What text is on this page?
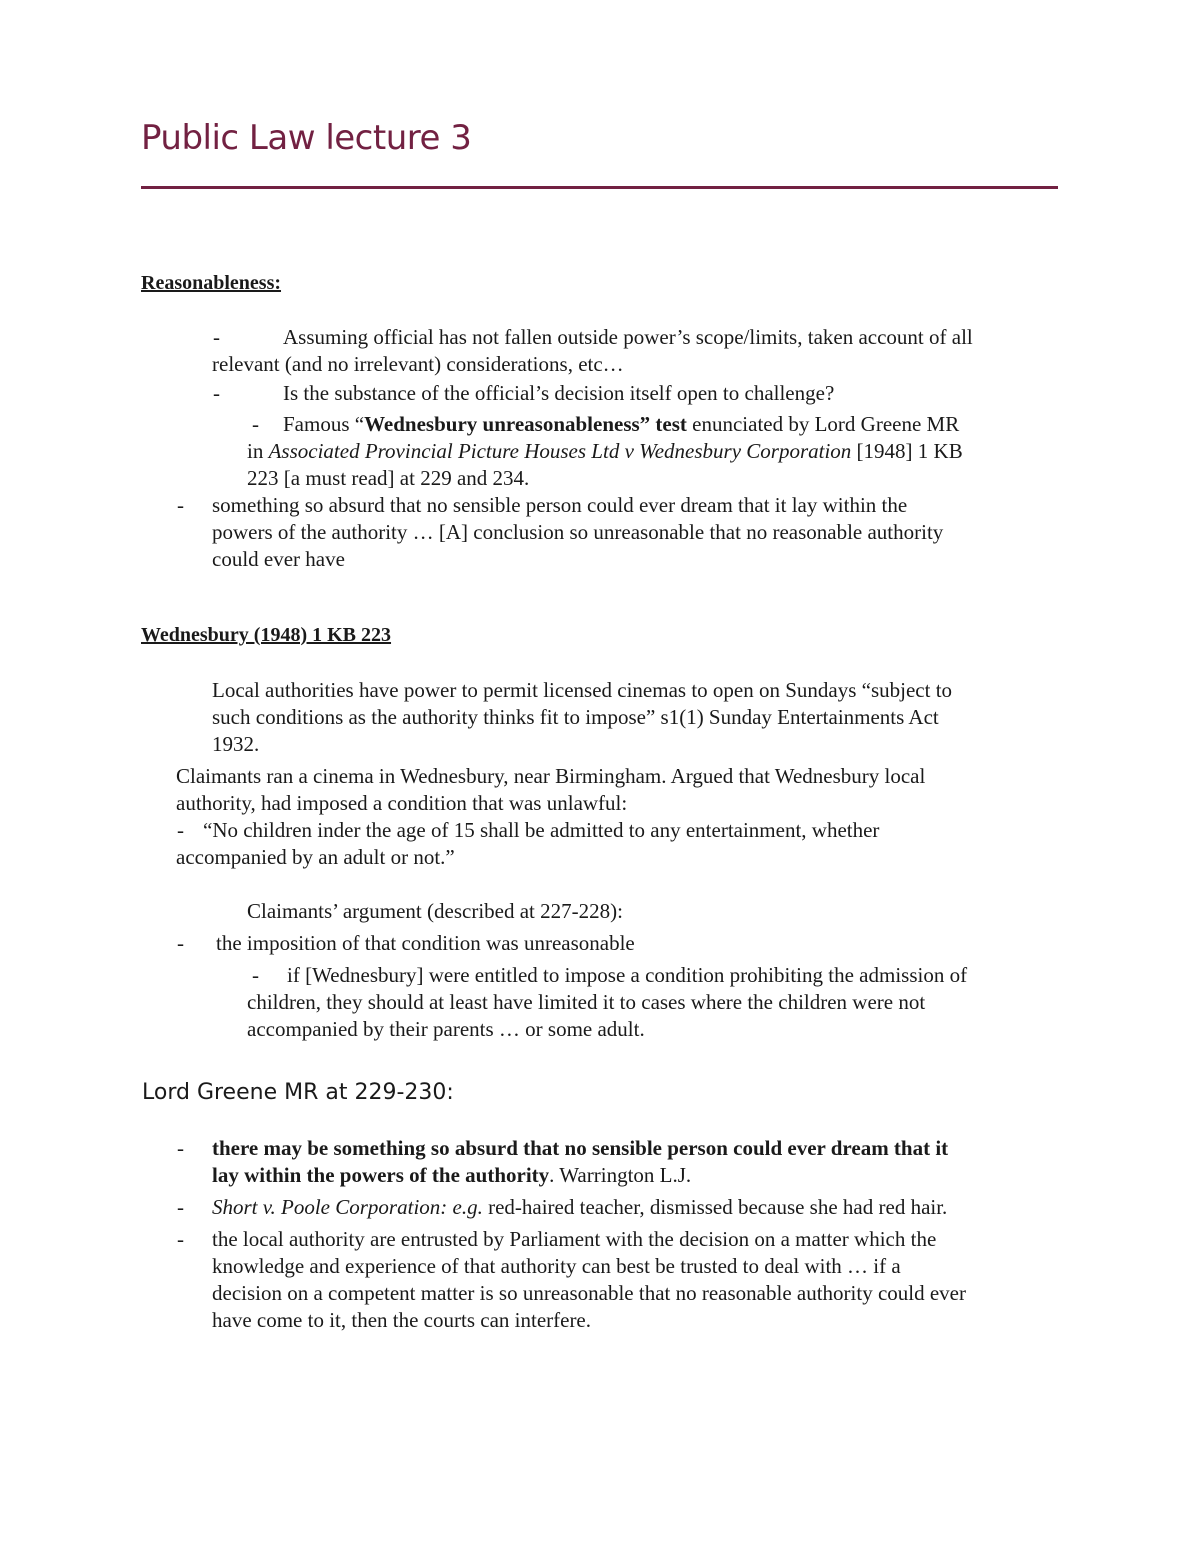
Public Law lecture 3
Reasonableness:
-	Assuming official has not fallen outside power’s scope/limits, taken account of all
relevant (and no irrelevant) considerations, etc…
-	Is the substance of the official’s decision itself open to challenge?
- Famous “Wednesbury unreasonableness” test enunciated by Lord Greene MR
in Associated Provincial Picture Houses Ltd v Wednesbury Corporation [1948] 1 KB
223 [a must read] at 229 and 234.
- something so absurd that no sensible person could ever dream that it lay within the
powers of the authority … [A] conclusion so unreasonable that no reasonable authority
could ever have
Wednesbury (1948) 1 KB 223
Local authorities have power to permit licensed cinemas to open on Sundays “subject to
such conditions as the authority thinks fit to impose” s1(1) Sunday Entertainments Act
1932.
Claimants ran a cinema in Wednesbury, near Birmingham. Argued that Wednesbury local
authority, had imposed a condition that was unlawful:
- “No children inder the age of 15 shall be admitted to any entertainment, whether
accompanied by an adult or not.”
Claimants’ argument (described at 227-228):
- the imposition of that condition was unreasonable
- if [Wednesbury] were entitled to impose a condition prohibiting the admission of
children, they should at least have limited it to cases where the children were not
accompanied by their parents … or some adult.
Lord Greene MR at 229-230:
- there may be something so absurd that no sensible person could ever dream that it
lay within the powers of the authority. Warrington L.J.
- Short v. Poole Corporation: e.g. red-haired teacher, dismissed because she had red hair.
- the local authority are entrusted by Parliament with the decision on a matter which the
knowledge and experience of that authority can best be trusted to deal with … if a
decision on a competent matter is so unreasonable that no reasonable authority could ever
have come to it, then the courts can interfere.
